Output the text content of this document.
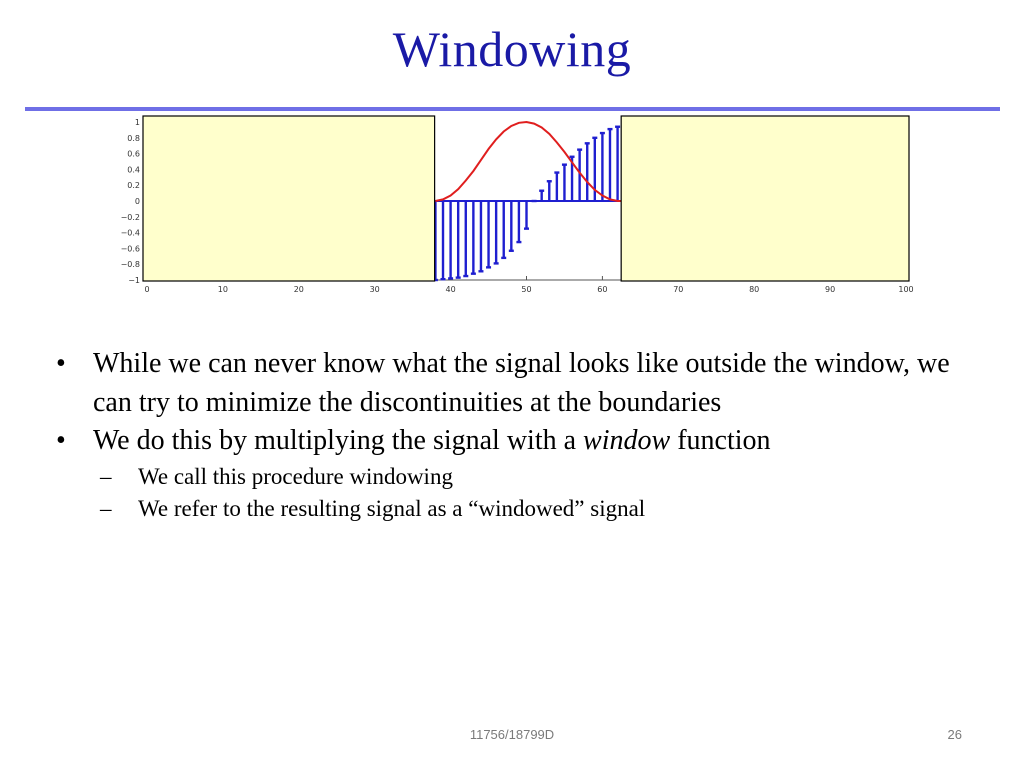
Windowing
1
0.8
0.6
0.4
0.2
0
−0.2
−0.4
−0.6
−0.8
−1
0	10	20	30	40	50	60	70	80	90	100
• While we can never know what the signal looks like outside the window, we can try to minimize the discontinuities at the boundaries
• We do this by multiplying the signal with a window function
– We call this procedure windowing
– We refer to the resulting signal as a “windowed” signal
11756/18799D	26
